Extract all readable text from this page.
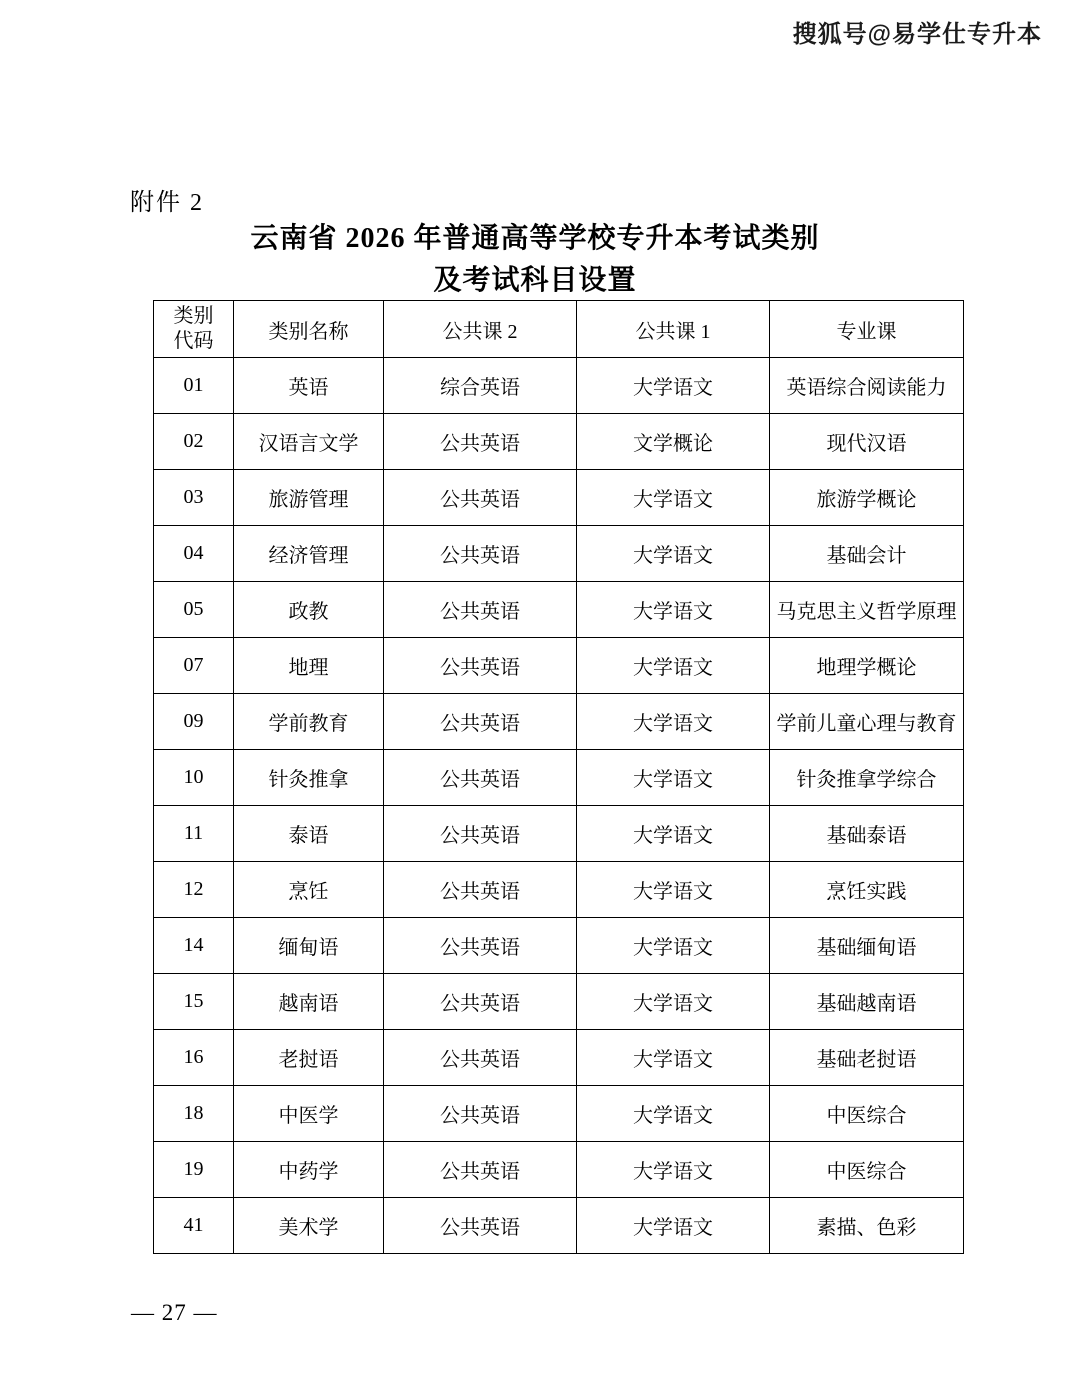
搜狐号@易学仕专升本
附件 2
云南省 2026 年普通高等学校专升本考试类别
及考试科目设置
类别
代码	类别名称	公共课 2	公共课 1	专业课
01	英语	综合英语	大学语文	英语综合阅读能力
02	汉语言文学	公共英语	文学概论	现代汉语
03	旅游管理	公共英语	大学语文	旅游学概论
04	经济管理	公共英语	大学语文	基础会计
05	政教	公共英语	大学语文	马克思主义哲学原理
07	地理	公共英语	大学语文	地理学概论
09	学前教育	公共英语	大学语文	学前儿童心理与教育
10	针灸推拿	公共英语	大学语文	针灸推拿学综合
11	泰语	公共英语	大学语文	基础泰语
12	烹饪	公共英语	大学语文	烹饪实践
14	缅甸语	公共英语	大学语文	基础缅甸语
15	越南语	公共英语	大学语文	基础越南语
16	老挝语	公共英语	大学语文	基础老挝语
18	中医学	公共英语	大学语文	中医综合
19	中药学	公共英语	大学语文	中医综合
41	美术学	公共英语	大学语文	素描、色彩
— 27 —
